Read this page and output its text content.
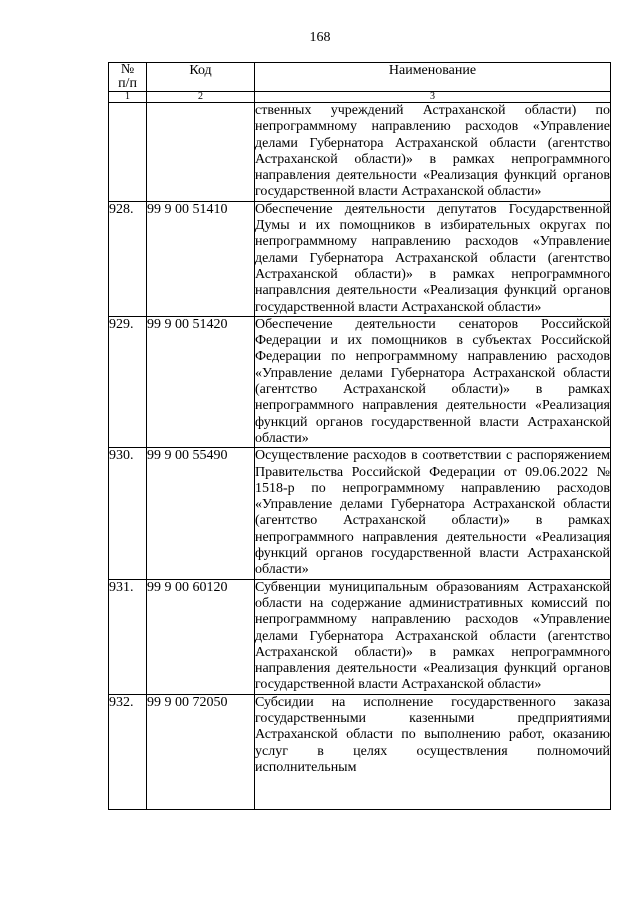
168
№
п/п	Код	Наименование
1	2	3
		ственных учреждений Астраханской области) по непрограммному направлению расходов «Управление делами Губернатора Астраханской области (агентство Астраханской области)» в рамках непрограммного направления деятельности «Реализация функций органов государственной власти Астраханской области»
928.	99 9 00 51410	Обеспечение деятельности депутатов Государственной Думы и их помощников в избирательных округах по непрограммному направлению расходов «Управление делами Губернатора Астраханской области (агентство Астраханской области)» в рамках непрограммного направлсния деятельности «Реализация функций органов государственной власти Астраханской области»
929.	99 9 00 51420	Обеспечение деятельности сенаторов Российской Федерации и их помощников в субъектах Российской Федерации по непрограммному направлению расходов «Управление делами Губернатора Астраханской области (агентство Астраханской области)» в рамках непрограммного направления деятельности «Реализация функций органов государственной власти Астраханской области»
930.	99 9 00 55490	Осуществление расходов в соответствии с распоряжением Правительства Российской Федерации от 09.06.2022 № 1518-р по непрограммному направлению расходов «Управление делами Губернатора Астраханской области (агентство Астраханской области)» в рамках непрограммного направления деятельности «Реализация функций органов государственной власти Астраханской области»
931.	99 9 00 60120	Субвенции муниципальным образованиям Астраханской области на содержание административных комиссий по непрограммному направлению расходов «Управление делами Губернатора Астраханской области (агентство Астраханской области)» в рамках непрограммного направления деятельности «Реализация функций органов государственной власти Астраханской области»
932.	99 9 00 72050	Субсидии на исполнение государственного заказа государственными казенными предприятиями Астраханской области по выполнению работ, оказанию услуг в целях осуществления полномочий исполнительным
